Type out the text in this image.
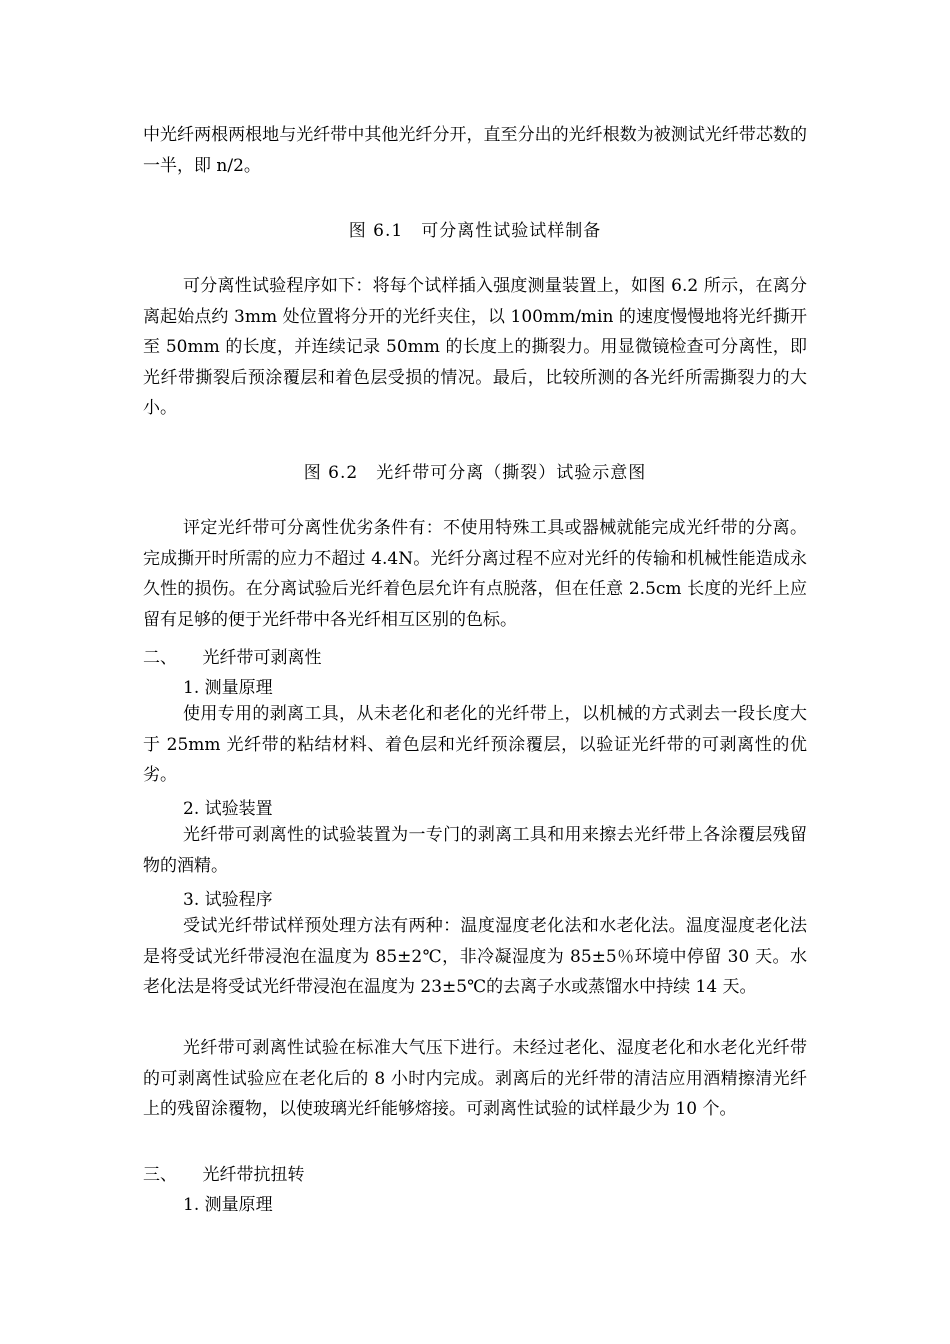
中光纤两根两根地与光纤带中其他光纤分开，直至分出的光纤根数为被测试光纤带芯数的一半，即 n/2。
图 6.1　可分离性试验试样制备
可分离性试验程序如下：将每个试样插入强度测量装置上，如图 6.2 所示，在离分离起始点约 3mm 处位置将分开的光纤夹住，以 100mm/min 的速度慢慢地将光纤撕开至 50mm 的长度，并连续记录 50mm 的长度上的撕裂力。用显微镜检查可分离性，即光纤带撕裂后预涂覆层和着色层受损的情况。最后，比较所测的各光纤所需撕裂力的大小。
图 6.2　光纤带可分离（撕裂）试验示意图
评定光纤带可分离性优劣条件有：不使用特殊工具或器械就能完成光纤带的分离。完成撕开时所需的应力不超过 4.4N。光纤分离过程不应对光纤的传输和机械性能造成永久性的损伤。在分离试验后光纤着色层允许有点脱落，但在任意 2.5cm 长度的光纤上应留有足够的便于光纤带中各光纤相互区别的色标。
二、　　光纤带可剥离性
1. 测量原理
使用专用的剥离工具，从未老化和老化的光纤带上，以机械的方式剥去一段长度大于 25mm 光纤带的粘结材料、着色层和光纤预涂覆层，以验证光纤带的可剥离性的优劣。
2. 试验装置
光纤带可剥离性的试验装置为一专门的剥离工具和用来擦去光纤带上各涂覆层残留物的酒精。
3. 试验程序
受试光纤带试样预处理方法有两种：温度湿度老化法和水老化法。温度湿度老化法是将受试光纤带浸泡在温度为 85±2℃，非冷凝湿度为 85±5％环境中停留 30 天。水老化法是将受试光纤带浸泡在温度为 23±5℃的去离子水或蒸馏水中持续 14 天。
光纤带可剥离性试验在标准大气压下进行。未经过老化、湿度老化和水老化光纤带的可剥离性试验应在老化后的 8 小时内完成。剥离后的光纤带的清洁应用酒精擦清光纤上的残留涂覆物，以使玻璃光纤能够熔接。可剥离性试验的试样最少为 10 个。
三、　　光纤带抗扭转
1. 测量原理
